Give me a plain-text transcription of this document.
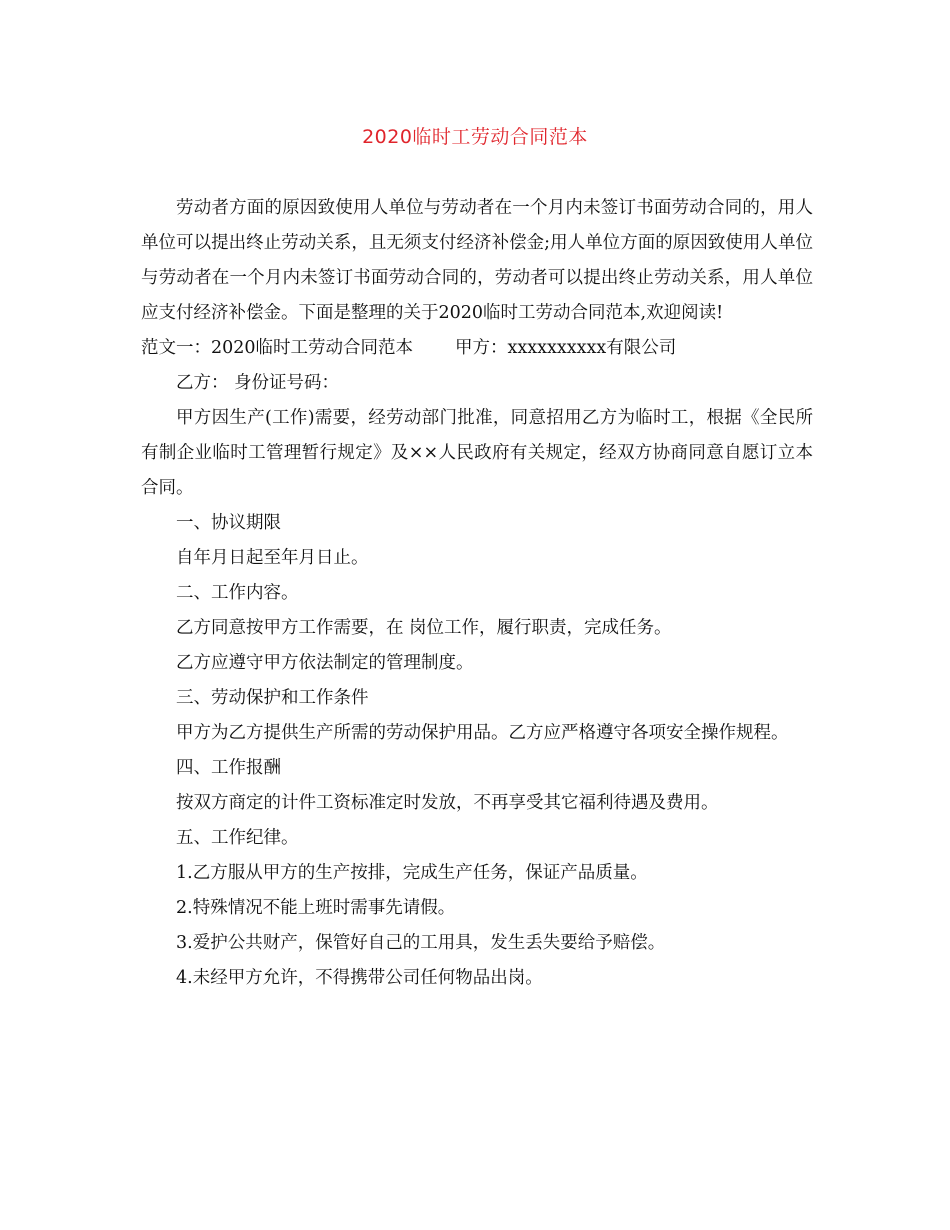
2020临时工劳动合同范本

劳动者方面的原因致使用人单位与劳动者在一个月内未签订书面劳动合同的，用人单位可以提出终止劳动关系，且无须支付经济补偿金;用人单位方面的原因致使用人单位与劳动者在一个月内未签订书面劳动合同的，劳动者可以提出终止劳动关系，用人单位应支付经济补偿金。下面是整理的关于2020临时工劳动合同范本,欢迎阅读!

范文一：2020临时工劳动合同范本 甲方：xxxxxxxxxx有限公司

乙方： 身份证号码：

甲方因生产(工作)需要，经劳动部门批准，同意招用乙方为临时工，根据《全民所有制企业临时工管理暂行规定》及××人民政府有关规定，经双方协商同意自愿订立本合同。

一、协议期限

自年月日起至年月日止。

二、工作内容。

乙方同意按甲方工作需要，在 岗位工作，履行职责，完成任务。

乙方应遵守甲方依法制定的管理制度。

三、劳动保护和工作条件

甲方为乙方提供生产所需的劳动保护用品。乙方应严格遵守各项安全操作规程。

四、工作报酬

按双方商定的计件工资标准定时发放，不再享受其它福利待遇及费用。

五、工作纪律。

1.乙方服从甲方的生产按排，完成生产任务，保证产品质量。

2.特殊情况不能上班时需事先请假。

3.爱护公共财产，保管好自己的工用具，发生丢失要给予赔偿。

4.未经甲方允许，不得携带公司任何物品出岗。
